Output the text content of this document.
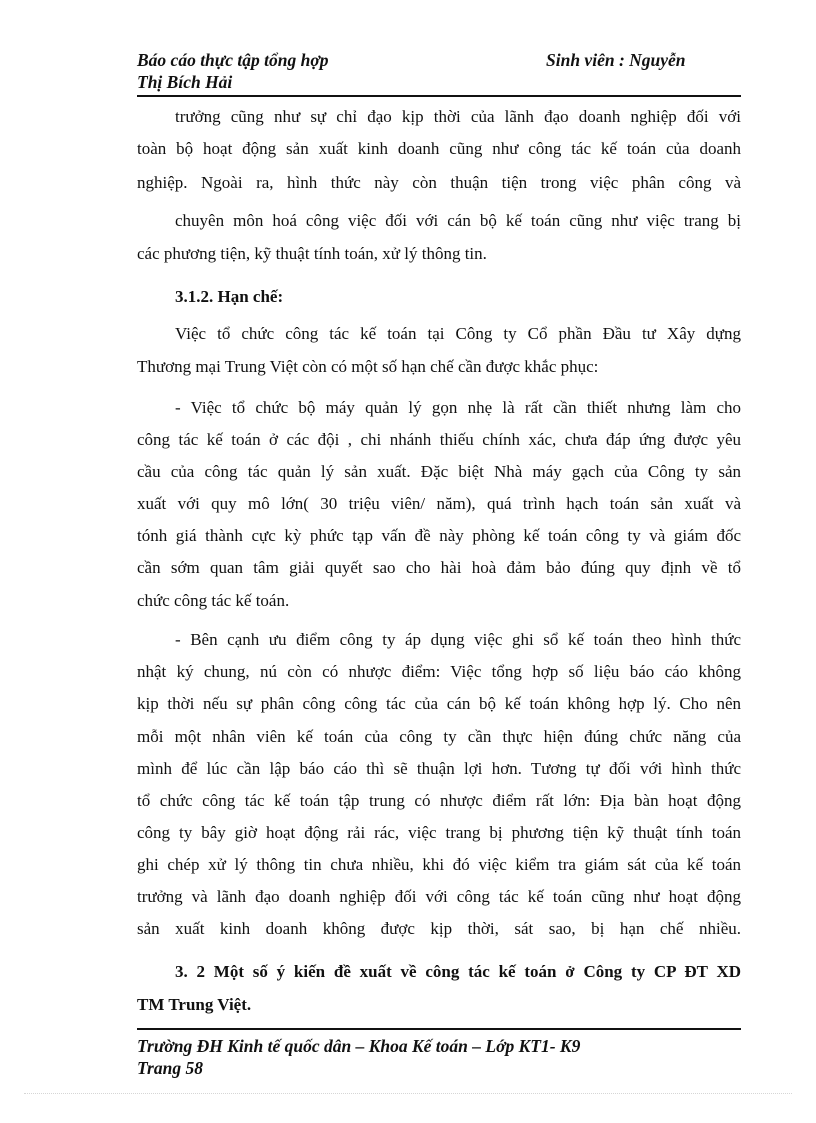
Báo cáo thực tập tổng hợp	Sinh viên : Nguyễn
Thị Bích Hải
trưởng cũng như sự chỉ đạo kịp thời của lãnh đạo doanh nghiệp đối với
toàn bộ hoạt động sản xuất kinh doanh cũng như công tác kế toán của doanh
nghiệp. Ngoài ra, hình thức này còn thuận tiện trong việc phân công và
chuyên môn hoá công việc đối với cán bộ kế toán cũng như việc trang bị
các phương tiện, kỹ thuật tính toán, xử lý thông tin.
3.1.2. Hạn chế:
Việc tổ chức công tác kế toán tại Công ty Cổ phần Đầu tư Xây dựng
Thương mại Trung Việt còn có một số hạn chế cần được khắc phục:
- Việc tổ chức bộ máy quản lý gọn nhẹ là rất cần thiết nhưng làm cho
công tác kế toán ở các đội , chi nhánh thiếu chính xác, chưa đáp ứng được yêu
cầu của công tác quản lý sản xuất. Đặc biệt Nhà máy gạch của Công ty sản
xuất với quy mô lớn( 30 triệu viên/ năm), quá trình hạch toán sản xuất và
tónh giá thành cực kỳ phức tạp vấn đề này phòng kế toán công ty và giám đốc
cần sớm quan tâm giải quyết sao cho hài hoà đảm bảo đúng quy định về tổ
chức công tác kế toán.
- Bên cạnh ưu điểm công ty áp dụng việc ghi sổ kế toán theo hình thức
nhật ký chung, nú còn có nhược điểm: Việc tổng hợp số liệu báo cáo không
kịp thời nếu sự phân công công tác của cán bộ kế toán không hợp lý. Cho nên
mỗi một nhân viên kế toán của công ty cần thực hiện đúng chức năng của
mình để lúc cần lập báo cáo thì sẽ thuận lợi hơn. Tương tự đối với hình thức
tổ chức công tác kế toán tập trung có nhược điểm rất lớn: Địa bàn hoạt động
công ty bây giờ hoạt động rải rác, việc trang bị phương tiện kỹ thuật tính toán
ghi chép xử lý thông tin chưa nhiều, khi đó việc kiểm tra giám sát của kế toán
trưởng và lãnh đạo doanh nghiệp đối với công tác kế toán cũng như hoạt động
sản xuất kinh doanh không được kịp thời, sát sao, bị hạn chế nhiều.
3. 2 Một số ý kiến đề xuất về công tác kế toán ở Công ty CP ĐT XD
TM Trung Việt.
Trường ĐH Kinh tế quốc dân – Khoa Kế toán – Lớp KT1- K9
Trang 58
